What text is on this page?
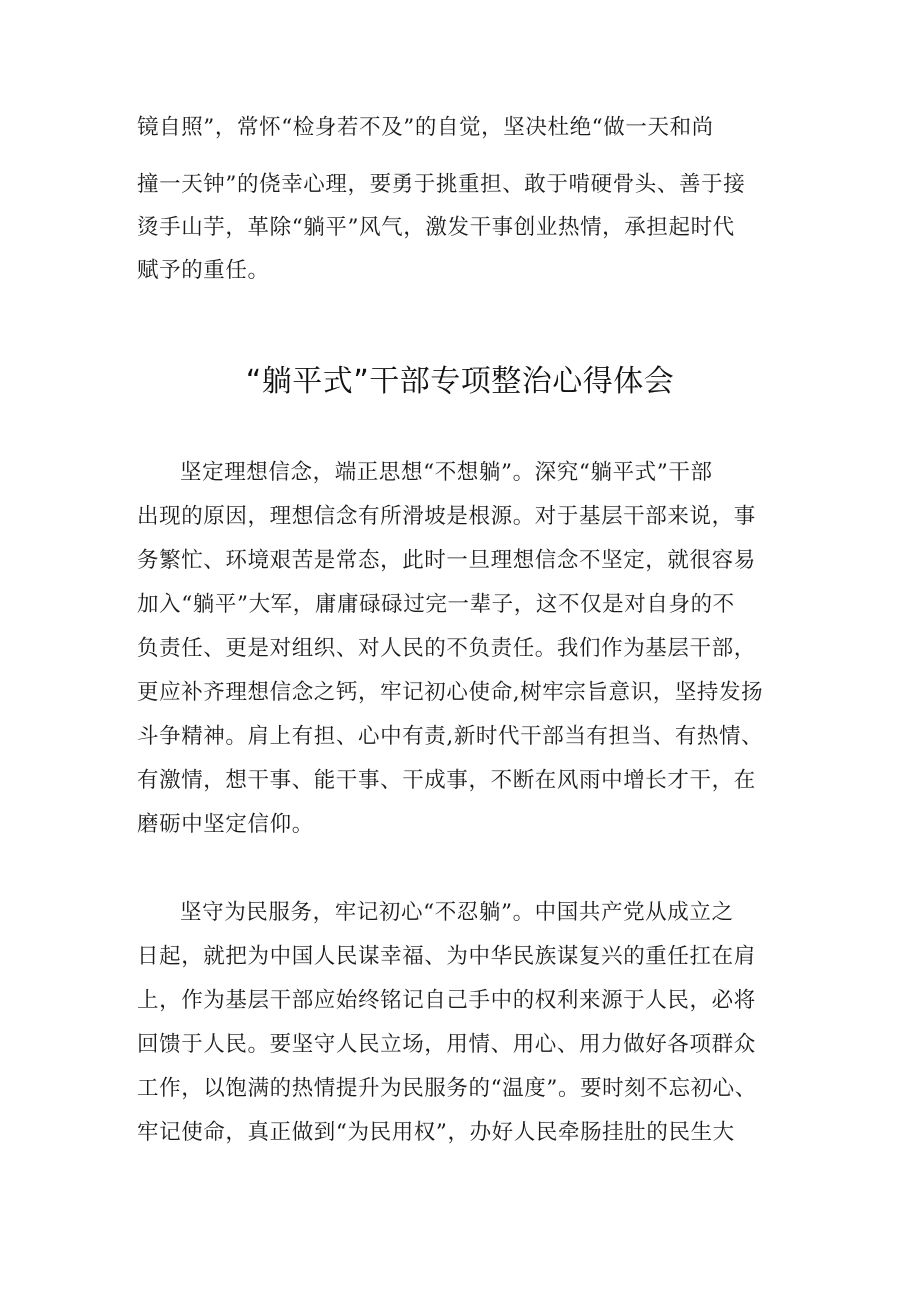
镜自照”，常怀“检身若不及”的自觉，坚决杜绝“做一天和尚
撞一天钟”的侥幸心理，要勇于挑重担、敢于啃硬骨头、善于接
烫手山芋，革除“躺平”风气，激发干事创业热情，承担起时代
赋予的重任。
“躺平式”干部专项整治心得体会
坚定理想信念，端正思想“不想躺”。深究“躺平式”干部
出现的原因，理想信念有所滑坡是根源。对于基层干部来说，事
务繁忙、环境艰苦是常态，此时一旦理想信念不坚定，就很容易
加入“躺平”大军，庸庸碌碌过完一辈子，这不仅是对自身的不
负责任、更是对组织、对人民的不负责任。我们作为基层干部，
更应补齐理想信念之钙，牢记初心使命,树牢宗旨意识，坚持发扬
斗争精神。肩上有担、心中有责,新时代干部当有担当、有热情、
有激情，想干事、能干事、干成事，不断在风雨中增长才干，在
磨砺中坚定信仰。
坚守为民服务，牢记初心“不忍躺”。中国共产党从成立之
日起，就把为中国人民谋幸福、为中华民族谋复兴的重任扛在肩
上，作为基层干部应始终铭记自己手中的权利来源于人民，必将
回馈于人民。要坚守人民立场，用情、用心、用力做好各项群众
工作，以饱满的热情提升为民服务的“温度”。要时刻不忘初心、
牢记使命，真正做到“为民用权”，办好人民牵肠挂肚的民生大
